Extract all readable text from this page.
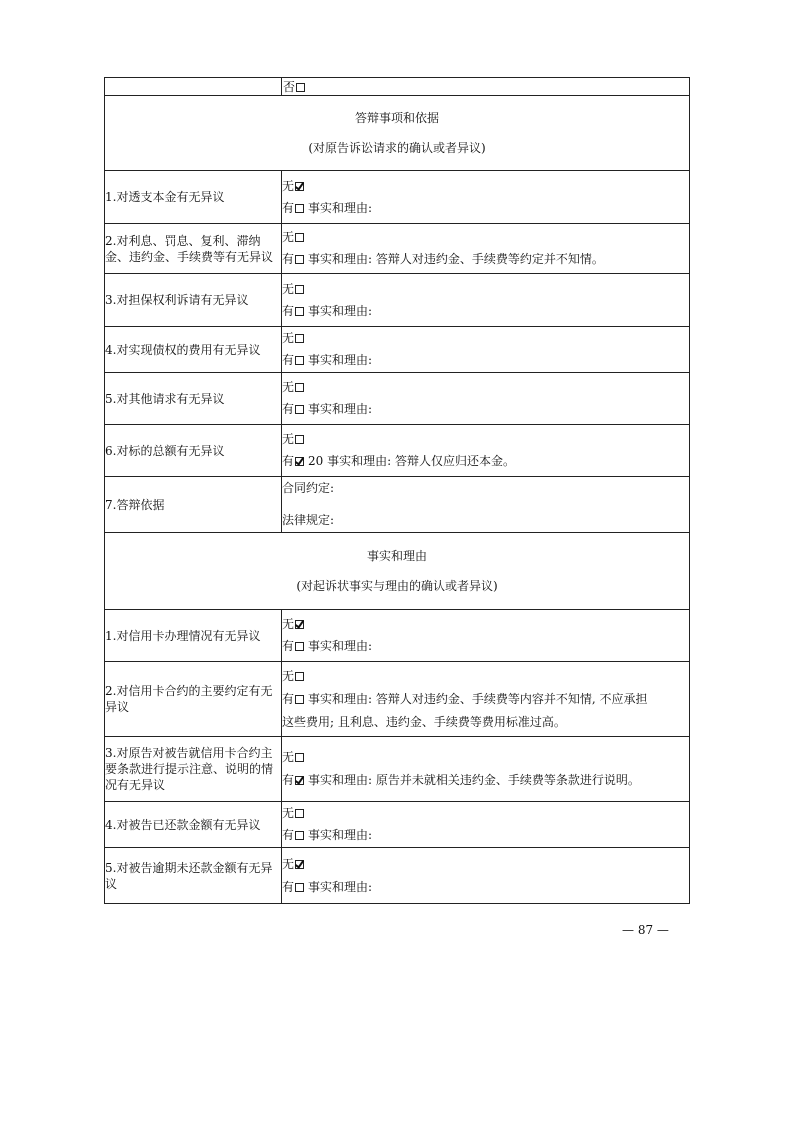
	否

答辩事项和依据
(对原告诉讼请求的确认或者异议)	

1.对透支本金有无异议	无
有 事实和理由:

2.对利息、罚息、复利、滞纳金、违约金、手续费等有无异议	无
有 事实和理由: 答辩人对违约金、手续费等约定并不知情。

3.对担保权利诉请有无异议	无
有 事实和理由:

4.对实现债权的费用有无异议	无
有 事实和理由:

5.对其他请求有无异议	无
有 事实和理由:

6.对标的总额有无异议	无
有 20 事实和理由: 答辩人仅应归还本金。

7.答辩依据	合同约定:
法律规定:

事实和理由
(对起诉状事实与理由的确认或者异议)	

1.对信用卡办理情况有无异议	无
有 事实和理由:

2.对信用卡合约的主要约定有无异议	无
有 事实和理由: 答辩人对违约金、手续费等内容并不知情, 不应承担
这些费用; 且利息、违约金、手续费等费用标准过高。

3.对原告对被告就信用卡合约主要条款进行提示注意、说明的情况有无异议	无
有 事实和理由: 原告并未就相关违约金、手续费等条款进行说明。

4.对被告已还款金额有无异议	无
有 事实和理由:

5.对被告逾期未还款金额有无异议	无
有 事实和理由:
— 87 —
